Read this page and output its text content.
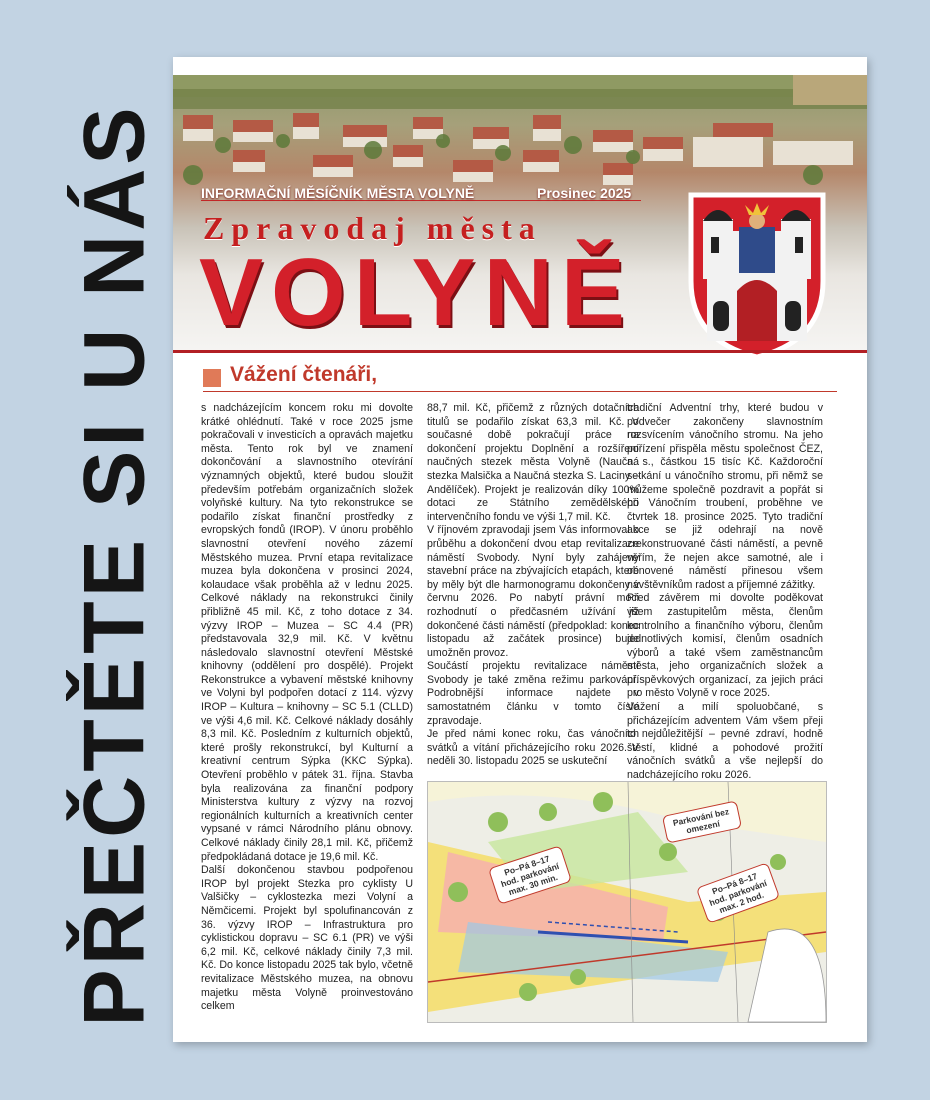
PŘEČTĚTE SI U NÁS	INFORMAČNÍ MĚSÍČNÍK MĚSTA VOLYNĚ	Prosinec 2025
Zpravodaj města
VOLYNĚ
Vážení čtenáři,

s nadcházejícím koncem roku mi dovolte krátké ohlédnutí. Také v roce 2025 jsme pokračovali v investicích a opravách majetku města. Tento rok byl ve znamení dokončování a slavnostního otevírání významných objektů, které budou sloužit především potřebám organizačních složek volyňské kultury. Na tyto rekonstrukce se podařilo získat finanční prostředky z evropských fondů (IROP). V únoru proběhlo slavnostní otevření nového zázemí Městského muzea. První etapa revitalizace muzea byla dokončena v prosinci 2024, kolaudace však proběhla až v lednu 2025. Celkové náklady na rekonstrukci činily přibližně 45 mil. Kč, z toho dotace z 34. výzvy IROP – Muzea – SC 4.4 (PR) představovala 32,9 mil. Kč. V květnu následovalo slavnostní otevření Městské knihovny (oddělení pro dospělé). Projekt Rekonstrukce a vybavení městské knihovny ve Volyni byl podpořen dotací z 114. výzvy IROP – Kultura – knihovny – SC 5.1 (CLLD) ve výši 4,6 mil. Kč. Celkové náklady dosáhly 8,3 mil. Kč. Posledním z kulturních objektů, které prošly rekonstrukcí, byl Kulturní a kreativní centrum Sýpka (KKC Sýpka). Otevření proběhlo v pátek 31. října. Stavba byla realizována za finanční podpory Ministerstva kultury z výzvy na rozvoj regionálních kulturních a kreativních center vypsané v rámci Národního plánu obnovy. Celkové náklady činily 28,1 mil. Kč, přičemž předpokládaná dotace je 19,6 mil. Kč.

Další dokončenou stavbou podpořenou IROP byl projekt Stezka pro cyklisty U Valšičky – cyklostezka mezi Volyní a Němčicemi. Projekt byl spolufinancován z 36. výzvy IROP – Infrastruktura pro cyklistickou dopravu – SC 6.1 (PR) ve výši 6,2 mil. Kč, celkové náklady činily 7,3 mil. Kč. Do konce listopadu 2025 tak bylo, včetně revitalizace Městského muzea, na obnovu majetku města Volyně proinvestováno celkem

88,7 mil. Kč, přičemž z různých dotačních titulů se podařilo získat 63,3 mil. Kč. V současné době pokračují práce na dokončení projektu Doplnění a rozšíření naučných stezek města Volyně (Naučná stezka Malsička a Naučná stezka S. Laciny – Andělíček). Projekt je realizován díky 100% dotaci ze Státního zemědělského intervenčního fondu ve výši 1,7 mil. Kč.

V říjnovém zpravodaji jsem Vás informoval o průběhu a dokončení dvou etap revitalizace náměstí Svobody. Nyní byly zahájeny stavební práce na zbývajících etapách, které by měly být dle harmonogramu dokončeny v červnu 2026. Po nabytí právní moci rozhodnutí o předčasném užívání již dokončené části náměstí (předpoklad: konec listopadu až začátek prosince) bude umožněn provoz.

Součástí projektu revitalizace náměstí Svobody je také změna režimu parkování. Podrobnější informace najdete v samostatném článku v tomto čísle zpravodaje.

Je před námi konec roku, čas vánočních svátků a vítání přicházejícího roku 2026. V neděli 30. listopadu 2025 se uskuteční

tradiční Adventní trhy, které budou v podvečer zakončeny slavnostním rozsvícením vánočního stromu. Na jeho pořízení přispěla městu společnost ČEZ, a. s., částkou 15 tisíc Kč. Každoroční setkání u vánočního stromu, při němž se můžeme společně pozdravit a popřát si při Vánočním troubení, proběhne ve čtvrtek 18. prosince 2025. Tyto tradiční akce se již odehrají na nově zrekonstruované části náměstí, a pevně věřím, že nejen akce samotné, ale i obnovené náměstí přinesou všem návštěvníkům radost a příjemné zážitky.

Před závěrem mi dovolte poděkovat všem zastupitelům města, členům kontrolního a finančního výboru, členům jednotlivých komisí, členům osadních výborů a také všem zaměstnancům města, jeho organizačních složek a příspěvkových organizací, za jejich práci pro město Volyně v roce 2025.

Vážení a milí spoluobčané, s přicházejícím adventem Vám všem přeji to nejdůležitější – pevné zdraví, hodně štěstí, klidné a pohodové prožití vánočních svátků a vše nejlepší do nadcházejícího roku 2026.

Parkování bez omezení
Po–Pá 8–17 hod. parkování max. 30 min.	Po–Pá 8–17 hod. parkování max. 2 hod.
